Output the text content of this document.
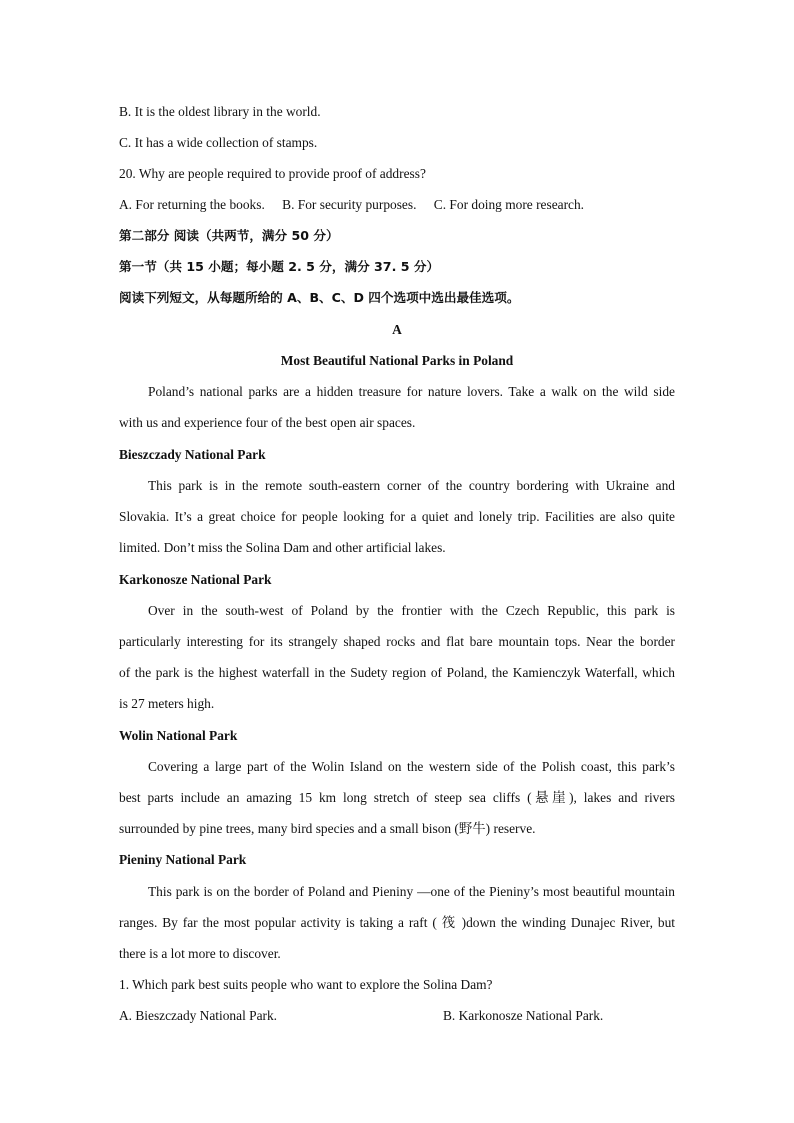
B. It is the oldest library in the world.
C. It has a wide collection of stamps.
20. Why are people required to provide proof of address?
A. For returning the books. B. For security purposes. C. For doing more research.
第二部分 阅读（共两节，满分 50 分）
第一节（共 15 小题；每小题 2. 5 分，满分 37. 5 分）
阅读下列短文，从每题所给的 A、B、C、D 四个选项中选出最佳选项。
A
Most Beautiful National Parks in Poland
Poland’s national parks are a hidden treasure for nature lovers. Take a walk on the wild side
with us and experience four of the best open air spaces.
Bieszczady National Park
This park is in the remote south-eastern corner of the country bordering with Ukraine and
Slovakia. It’s a great choice for people looking for a quiet and lonely trip. Facilities are also quite
limited. Don’t miss the Solina Dam and other artificial lakes.
Karkonosze National Park
Over in the south-west of Poland by the frontier with the Czech Republic, this park is
particularly interesting for its strangely shaped rocks and flat bare mountain tops. Near the border
of the park is the highest waterfall in the Sudety region of Poland, the Kamienczyk Waterfall, which
is 27 meters high.
Wolin National Park
Covering a large part of the Wolin Island on the western side of the Polish coast, this park’s
best parts include an amazing 15 km long stretch of steep sea cliffs (悬崖), lakes and rivers
surrounded by pine trees, many bird species and a small bison (野牛) reserve.
Pieniny National Park
This park is on the border of Poland and Pieniny —one of the Pieniny’s most beautiful mountain
ranges. By far the most popular activity is taking a raft ( 筏 )down the winding Dunajec River, but
there is a lot more to discover.
1. Which park best suits people who want to explore the Solina Dam?
A. Bieszczady National Park.	B. Karkonosze National Park.
